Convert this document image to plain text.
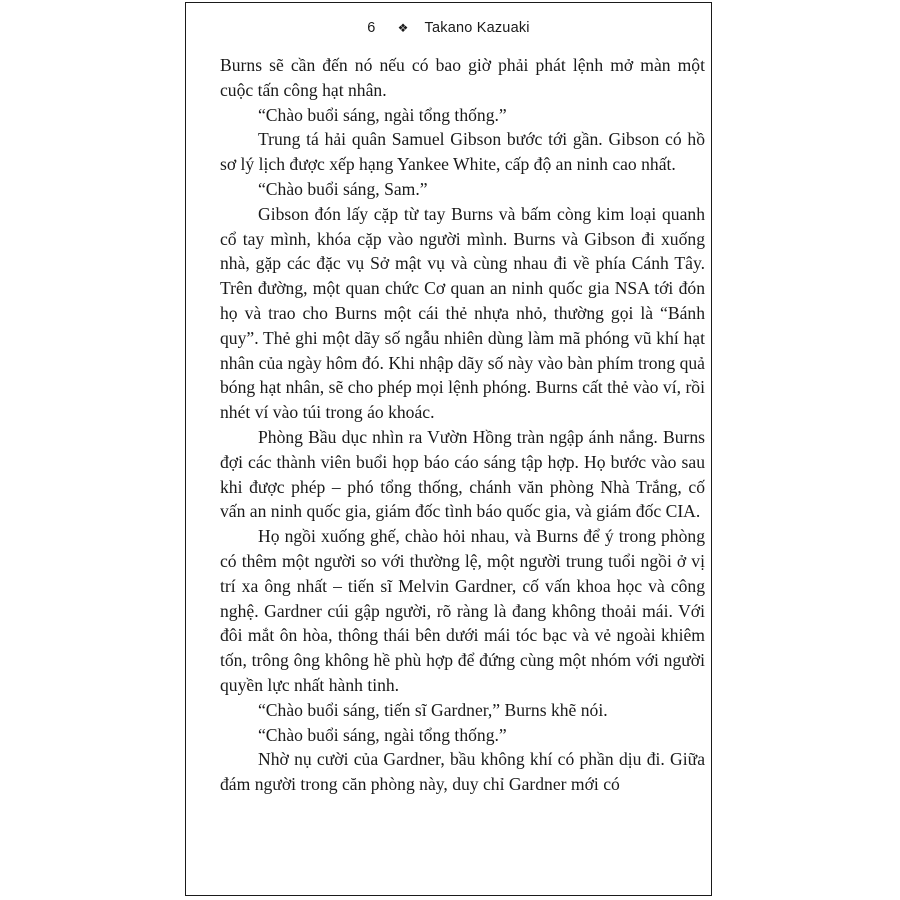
6 ❖ Takano Kazuaki

Burns sẽ cần đến nó nếu có bao giờ phải phát lệnh mở màn một cuộc tấn công hạt nhân.

“Chào buổi sáng, ngài tổng thống.”

Trung tá hải quân Samuel Gibson bước tới gần. Gibson có hồ sơ lý lịch được xếp hạng Yankee White, cấp độ an ninh cao nhất.

“Chào buổi sáng, Sam.”

Gibson đón lấy cặp từ tay Burns và bấm còng kim loại quanh cổ tay mình, khóa cặp vào người mình. Burns và Gibson đi xuống nhà, gặp các đặc vụ Sở mật vụ và cùng nhau đi về phía Cánh Tây. Trên đường, một quan chức Cơ quan an ninh quốc gia NSA tới đón họ và trao cho Burns một cái thẻ nhựa nhỏ, thường gọi là “Bánh quy”. Thẻ ghi một dãy số ngẫu nhiên dùng làm mã phóng vũ khí hạt nhân của ngày hôm đó. Khi nhập dãy số này vào bàn phím trong quả bóng hạt nhân, sẽ cho phép mọi lệnh phóng. Burns cất thẻ vào ví, rồi nhét ví vào túi trong áo khoác.

Phòng Bầu dục nhìn ra Vườn Hồng tràn ngập ánh nắng. Burns đợi các thành viên buổi họp báo cáo sáng tập hợp. Họ bước vào sau khi được phép – phó tổng thống, chánh văn phòng Nhà Trắng, cố vấn an ninh quốc gia, giám đốc tình báo quốc gia, và giám đốc CIA.

Họ ngồi xuống ghế, chào hỏi nhau, và Burns để ý trong phòng có thêm một người so với thường lệ, một người trung tuổi ngồi ở vị trí xa ông nhất – tiến sĩ Melvin Gardner, cố vấn khoa học và công nghệ. Gardner cúi gập người, rõ ràng là đang không thoải mái. Với đôi mắt ôn hòa, thông thái bên dưới mái tóc bạc và vẻ ngoài khiêm tốn, trông ông không hề phù hợp để đứng cùng một nhóm với người quyền lực nhất hành tinh.

“Chào buổi sáng, tiến sĩ Gardner,” Burns khẽ nói.

“Chào buổi sáng, ngài tổng thống.”

Nhờ nụ cười của Gardner, bầu không khí có phần dịu đi. Giữa đám người trong căn phòng này, duy chỉ Gardner mới có
